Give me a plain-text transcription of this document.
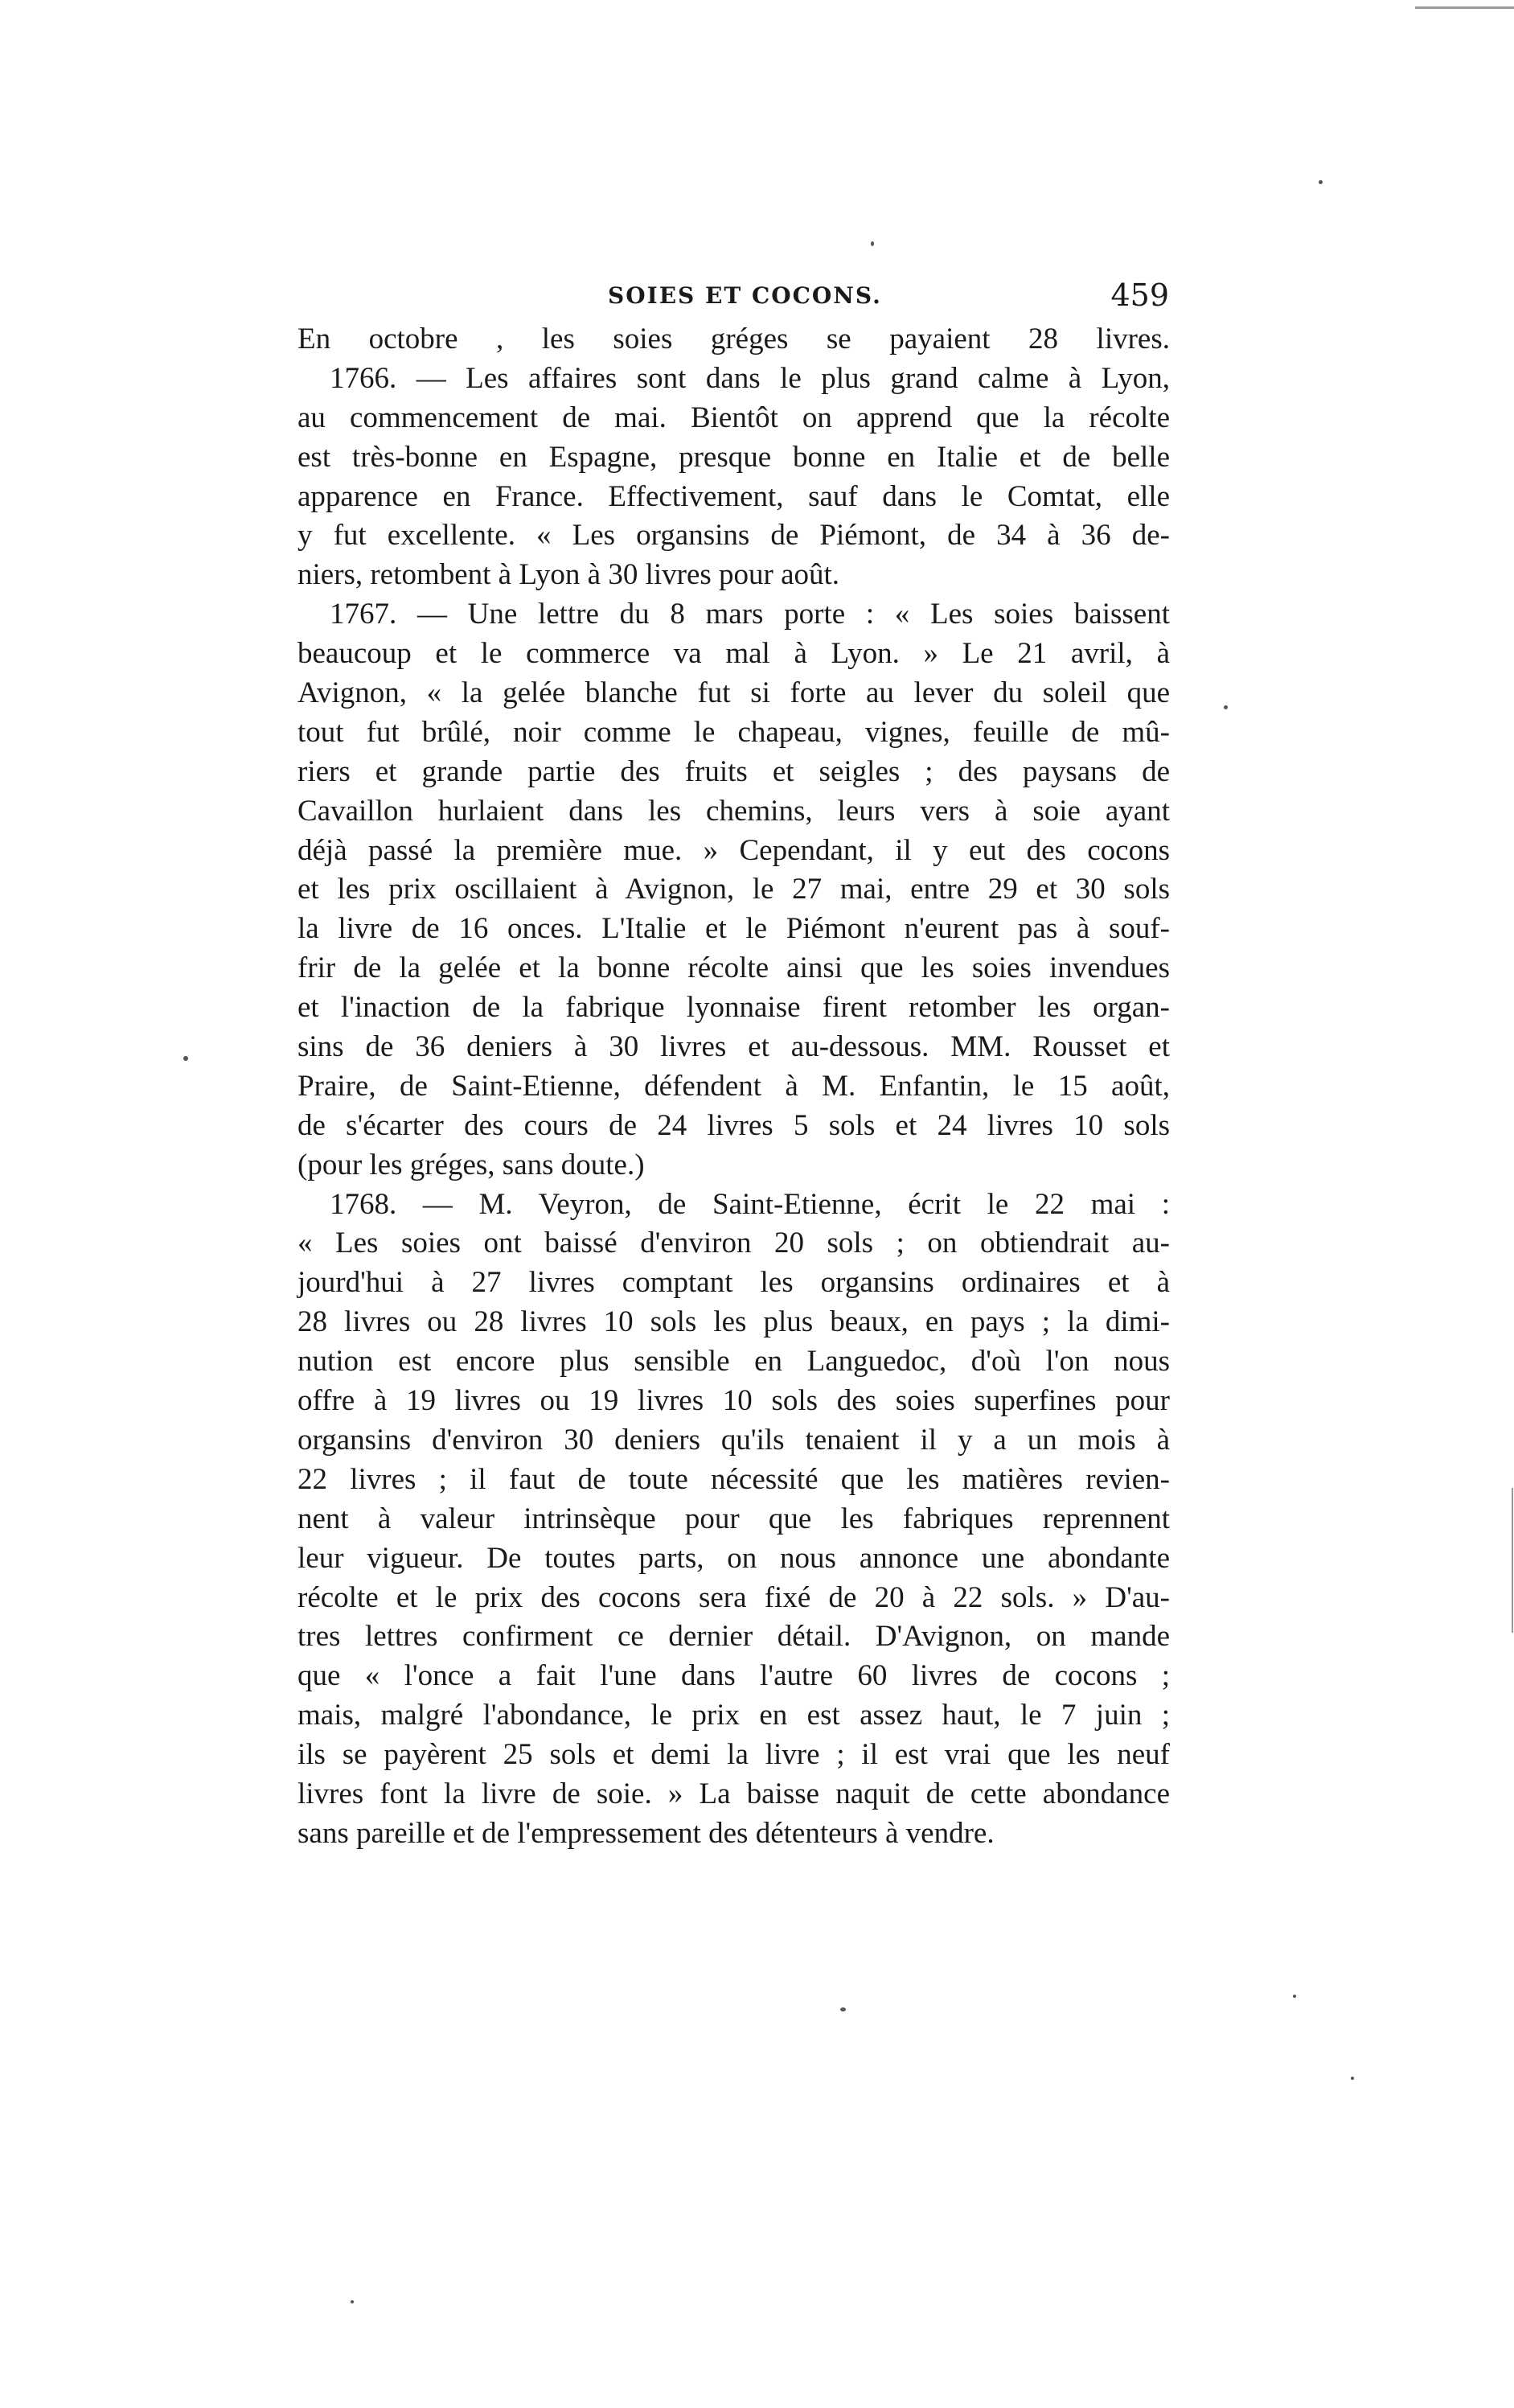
SOIES ET COCONS.	459
En octobre , les soies gréges se payaient 28 livres.
1766. — Les affaires sont dans le plus grand calme à Lyon,
au commencement de mai. Bientôt on apprend que la récolte
est très-bonne en Espagne, presque bonne en Italie et de belle
apparence en France. Effectivement, sauf dans le Comtat, elle
y fut excellente. « Les organsins de Piémont, de 34 à 36 de-
niers, retombent à Lyon à 30 livres pour août.
1767. — Une lettre du 8 mars porte : « Les soies baissent
beaucoup et le commerce va mal à Lyon. » Le 21 avril, à
Avignon, « la gelée blanche fut si forte au lever du soleil que
tout fut brûlé, noir comme le chapeau, vignes, feuille de mû-
riers et grande partie des fruits et seigles ; des paysans de
Cavaillon hurlaient dans les chemins, leurs vers à soie ayant
déjà passé la première mue. » Cependant, il y eut des cocons
et les prix oscillaient à Avignon, le 27 mai, entre 29 et 30 sols
la livre de 16 onces. L'Italie et le Piémont n'eurent pas à souf-
frir de la gelée et la bonne récolte ainsi que les soies invendues
et l'inaction de la fabrique lyonnaise firent retomber les organ-
sins de 36 deniers à 30 livres et au-dessous. MM. Rousset et
Praire, de Saint-Etienne, défendent à M. Enfantin, le 15 août,
de s'écarter des cours de 24 livres 5 sols et 24 livres 10 sols
(pour les gréges, sans doute.)
1768. — M. Veyron, de Saint-Etienne, écrit le 22 mai :
« Les soies ont baissé d'environ 20 sols ; on obtiendrait au-
jourd'hui à 27 livres comptant les organsins ordinaires et à
28 livres ou 28 livres 10 sols les plus beaux, en pays ; la dimi-
nution est encore plus sensible en Languedoc, d'où l'on nous
offre à 19 livres ou 19 livres 10 sols des soies superfines pour
organsins d'environ 30 deniers qu'ils tenaient il y a un mois à
22 livres ; il faut de toute nécessité que les matières revien-
nent à valeur intrinsèque pour que les fabriques reprennent
leur vigueur. De toutes parts, on nous annonce une abondante
récolte et le prix des cocons sera fixé de 20 à 22 sols. » D'au-
tres lettres confirment ce dernier détail. D'Avignon, on mande
que « l'once a fait l'une dans l'autre 60 livres de cocons ;
mais, malgré l'abondance, le prix en est assez haut, le 7 juin ;
ils se payèrent 25 sols et demi la livre ; il est vrai que les neuf
livres font la livre de soie. » La baisse naquit de cette abondance
sans pareille et de l'empressement des détenteurs à vendre.
